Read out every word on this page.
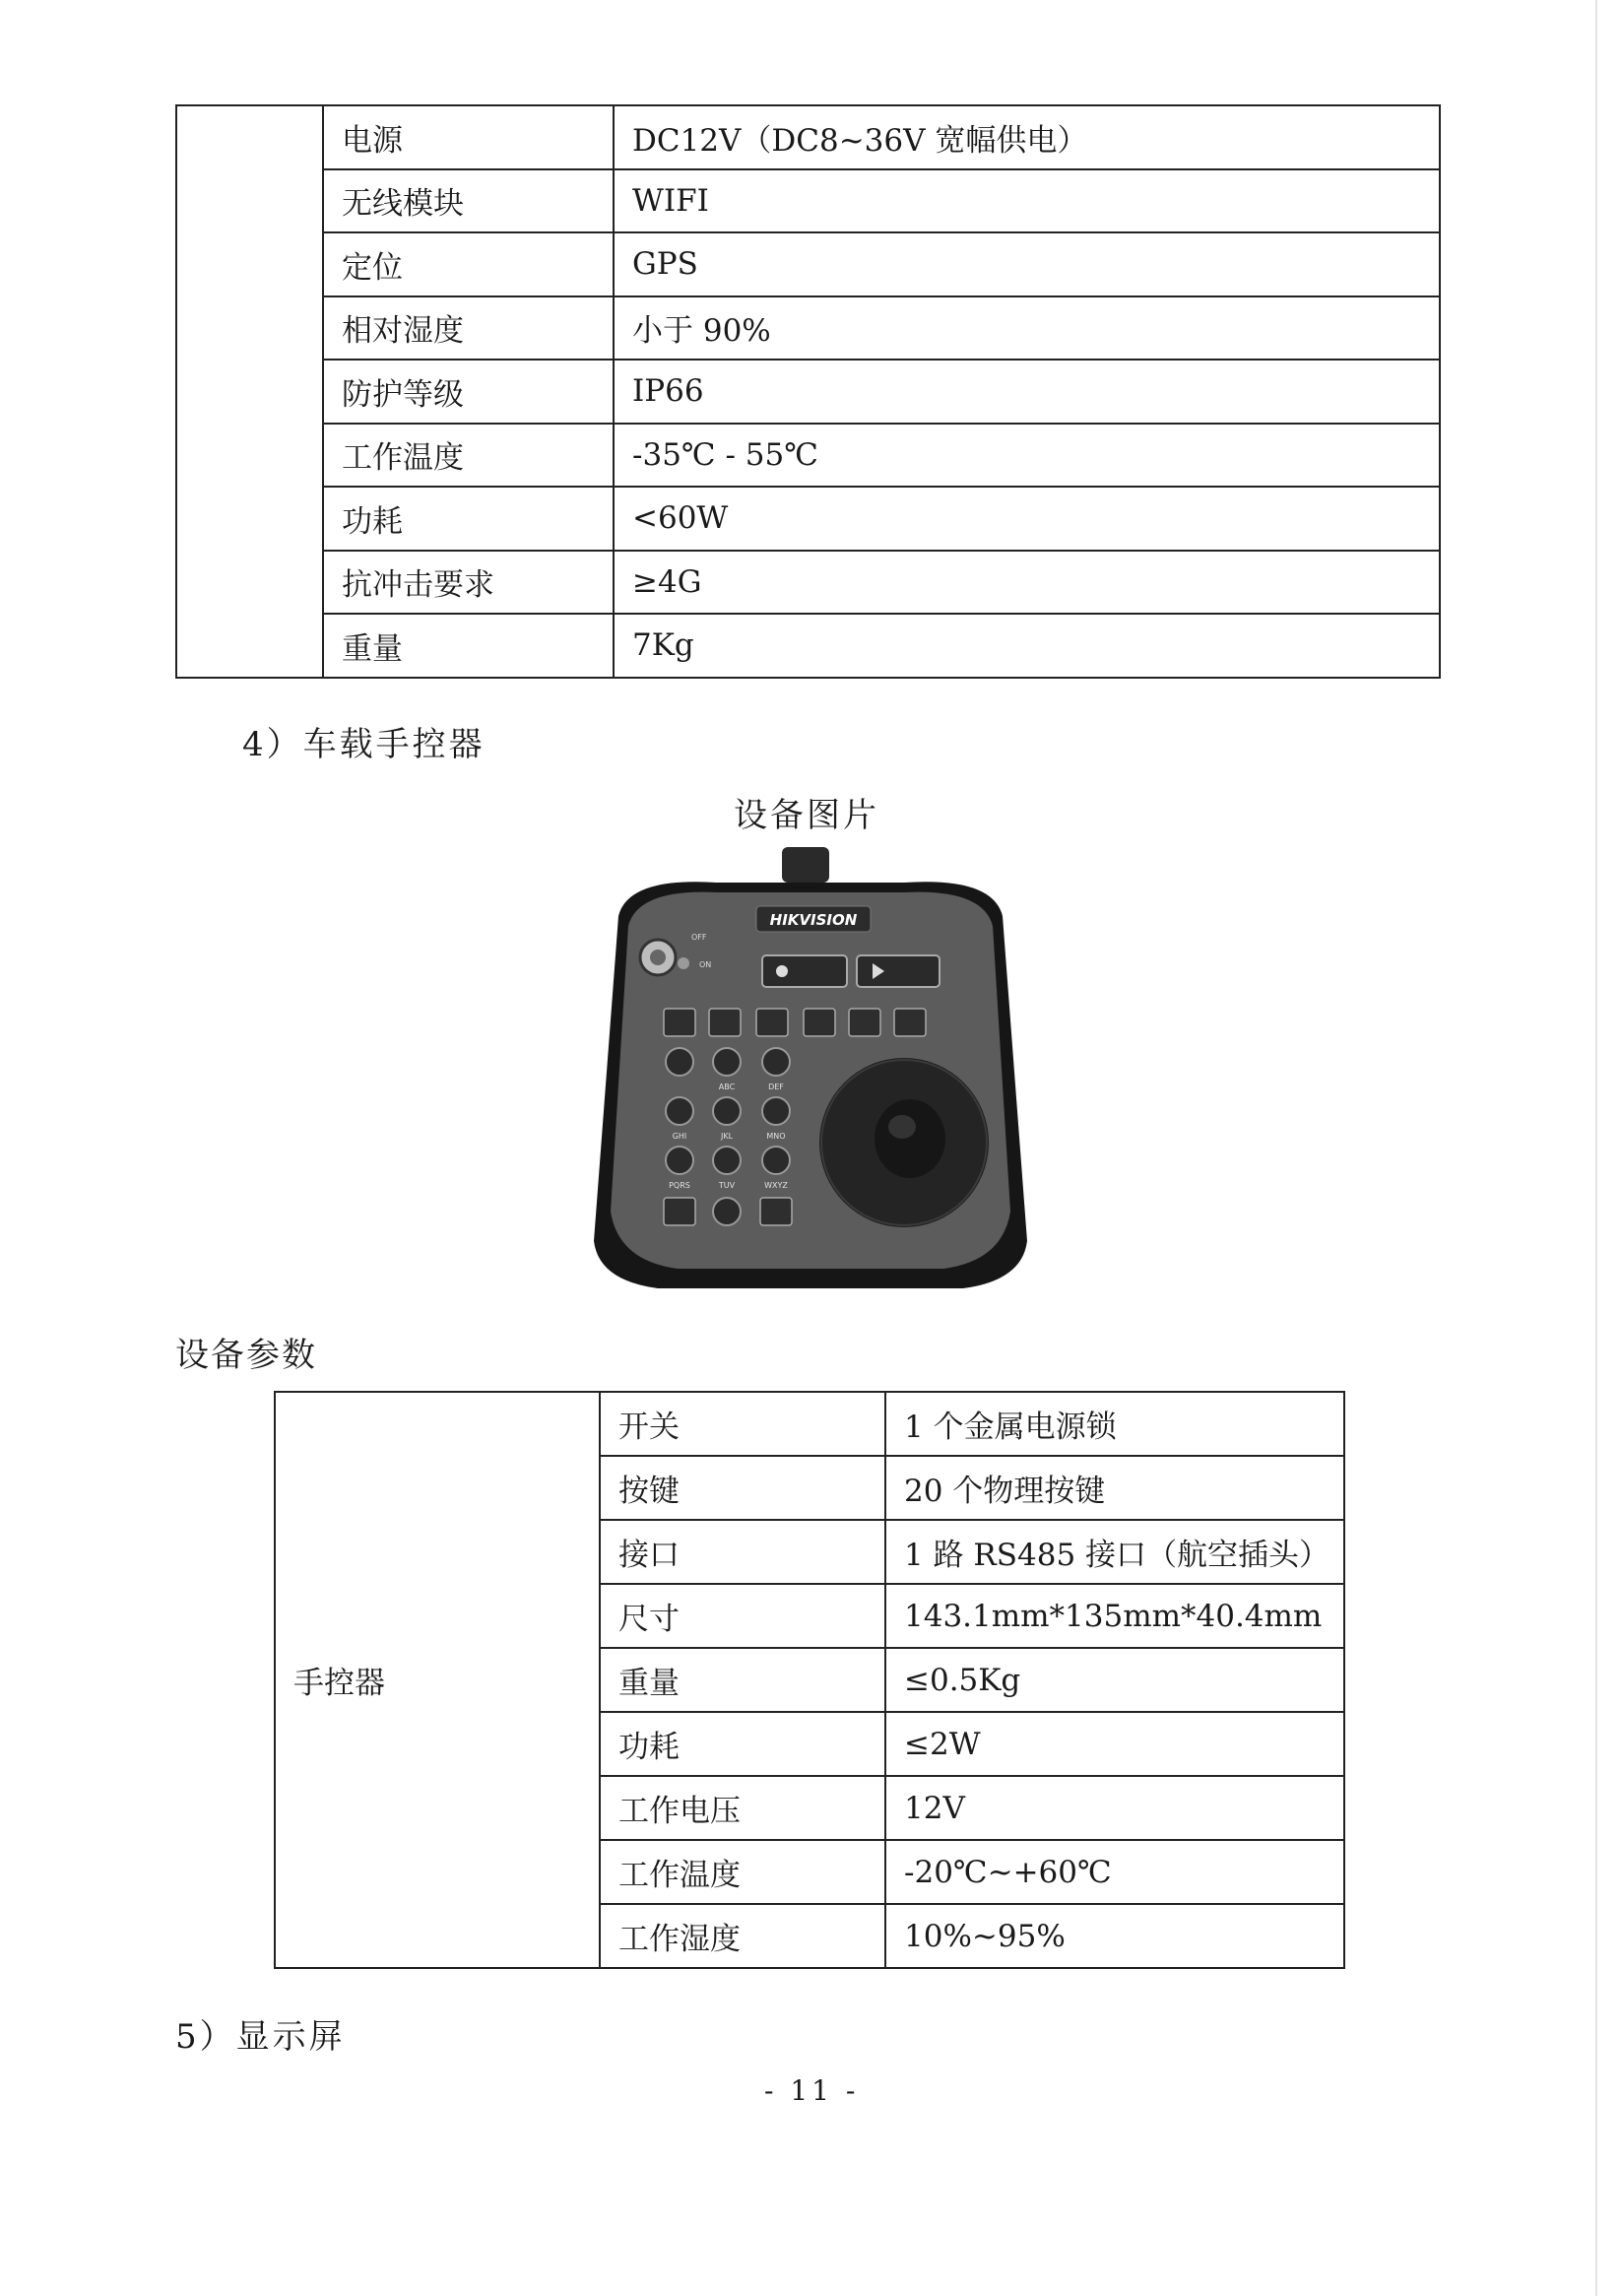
	电源	DC12V（DC8~36V 宽幅供电）
	无线模块	WIFI
	定位	GPS
	相对湿度	小于 90%
	防护等级	IP66
	工作温度	-35℃ - 55℃
	功耗	<60W
	抗冲击要求	≥4G
	重量	7Kg
4）车载手控器
设备图片
HIKVISION
OFF
ON
ABC	DEF
GHI	JKL	MNO
PQRS	TUV	WXYZ
设备参数
手控器	开关	1 个金属电源锁
	按键	20 个物理按键
	接口	1 路 RS485 接口（航空插头）
	尺寸	143.1mm*135mm*40.4mm
	重量	≤0.5Kg
	功耗	≤2W
	工作电压	12V
	工作温度	-20℃~+60℃
	工作湿度	10%~95%
5）显示屏
- 11 -
